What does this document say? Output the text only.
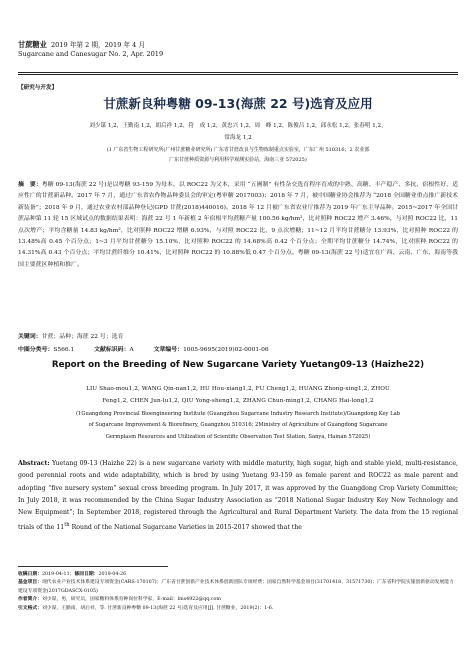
甘蔗糖业 2019 年第 2 期，2019 年 4 月
Sugarcane and Canesugar No. 2, Apr. 2019
【研究与开发】
甘蔗新良种粤糖 09-13(海蔗 22 号)选育及应用
刘少谋 1,2，王勤南 1,2，胡后祥 1,2，符　成 1,2，黄忠兴 1,2，周　峰 1,2，陈俊吕 1,2，邱永松 1,2，张春明 1,2，
常海龙 1,2
(1 广东省生物工程研究所(广州甘蔗糖业研究所) 广东省甘蔗改良与生物炼制重点实验室，广东广州 510316；2 农业部
广东甘蔗种质资源与利用科学观测实验站，海南三亚 572025)
摘　要：粤糖 09-13(海蔗 22 号)是以粤糖 93-159 为母本、以 ROC22 为父本，采用 “五圃制” 有性杂交选育程序育成的中熟、高糖、丰产稳产、多抗、宿根性好、适应性广的甘蔗新品种。2017 年 7 月，通过广东省农作物品种委员会的审定(粤审糖 2017003)；2018 年 7 月，被中国糖业协会推荐为 “2018 全国糖业重点推广新技术新装备”；2018 年 9 月，通过农业农村部品种登记(GPD 甘蔗(2018)440016)。2018 年 12 月被广东省农业厅推荐为 2019 年广东主导品种。2015~2017 年全国甘蔗品种第 11 轮 15 区域试点的数据结果表明：海蔗 22 号 1 年新植 2 年宿根平均蔗糖产量 100.56 kg/hm²，比对照种 ROC22 增产 3.46%，与对照 ROC22 比，11 点次增产；平均含糖量 14.83 kg/hm²，比对照种 ROC22 增糖 6.93%，与对照 ROC22 比，9 点次增糖；11~12 月平均甘蔗糖分 13.93%，比对照种 ROC22 的 13.48%高 0.45 个百分点；1~3 月平均甘蔗糖分 15.10%，比对照种 ROC22 的 14.68%高 0.42 个百分点；全期平均甘蔗糖分 14.74%，比对照种 ROC22 的 14.31%高 0.43 个百分点；平均甘蔗纤维分 10.41%，比对照种 ROC22 的 10.88%低 0.47 个百分点。粤糖 09-13(海蔗 22 号)适宜在广西、云南、广东、海南等我国主要蔗区种植和推广。
关键词：甘蔗；品种；海蔗 22 号；选育
中图分类号：S566.1	文献标识码：A	文章编号：1005-9695(2019)02-0001-06
Report on the Breeding of New Sugarcane Variety Yuetang09-13 (Haizhe22)
LIU Shao-mou1,2, WANG Qin-nan1,2, HU Hou-xiang1,2, FU Cheng1,2, HUANG Zhong-xing1,2, ZHOU
Feng1,2, CHEN Jun-lu1,2, QIU Yong-sheng1,2, ZHANG Chun-ming1,2, CHANG Hai-long1,2
(1Guangdong Provincial Bioengineering Institute (Guangzhou Sugarcane Industry Research Institute)/Guangdong Key Lab
of Sugarcane Improvement & Biorefinery, Guangzhou 510316; 2Ministry of Agriculture of Guangdong Sugarcane
Germplasm Resources and Utilization of Scientific Observation Test Station, Sanya, Hainan 572025)
Abstract: Yuetang 09-13 (Haizhe 22) is a new sugarcane variety with middle maturity, high sugar, high and stable yield, multi-resistance, good perennial roots and wide adaptability, which is bred by using Yuetang 93-159 as female parent and ROC22 as male parent and adopting “five nursery system” sexual cross breeding program. In July 2017, it was approved by the Guangdong Crop Variety Committee; In July 2018, it was recommended by the China Sugar Industry Association as “2018 National Sugar Industry Key New Technology and New Equipment”; In September 2018, registered through the Agricultural and Rural Department Variety. The data from the 15 regional trials of the 11th Round of the National Sugarcane Varieties in 2015-2017 showed that the
收稿日期：2019-04-11；修回日期：2019-04-26
基金项目：现代农业产业技术体系建设专项资金(CARS-170107)；广东省甘蔗创新产业技术体系创新团队专项经费；国家自然科学基金项目(31701418、31571730)；广东省科学院实施创新驱动发展能力建设专项资金(2017GDASCX-0105)
作者简介：刘少谋，男，研究员，国家糖料体系育种岗位科学家，E-mail：lms4922@qq.com
引文格式：刘少谋，王勤南，胡后祥，等. 甘蔗新良种粤糖 09-13(海蔗 22 号)选育及应用[J]. 甘蔗糖业，2019(2)：1-6.
